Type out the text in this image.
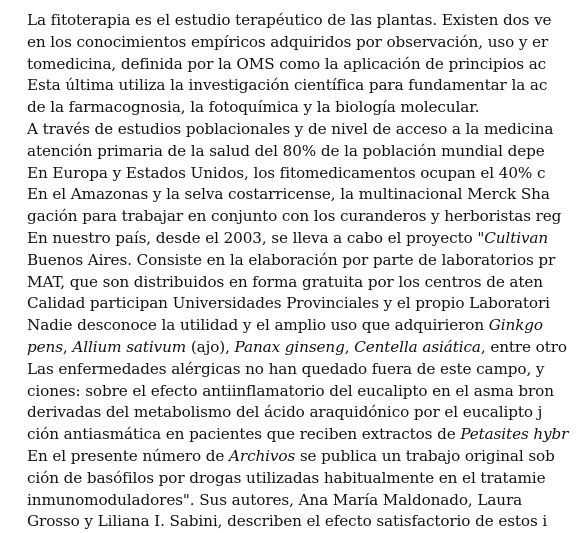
La fitoterapia es el estudio terapéutico de las plantas. Existen dos ve
en los conocimientos empíricos adquiridos por observación, uso y er
tomedicina, definida por la OMS como la aplicación de principios ac
Esta última utiliza la investigación científica para fundamentar la ac
de la farmacognosia, la fotoquímica y la biología molecular.
A través de estudios poblacionales y de nivel de acceso a la medicina
atención primaria de la salud del 80% de la población mundial depe
En Europa y Estados Unidos, los fitomedicamentos ocupan el 40% c
En el Amazonas y la selva costarricense, la multinacional Merck Sha
gación para trabajar en conjunto con los curanderos y herboristas reg
En nuestro país, desde el 2003, se lleva a cabo el proyecto "Cultivan
Buenos Aires. Consiste en la elaboración por parte de laboratorios pr
MAT, que son distribuidos en forma gratuita por los centros de aten
Calidad participan Universidades Provinciales y el propio Laboratori
Nadie desconoce la utilidad y el amplio uso que adquirieron Ginkgo
pens, Allium sativum (ajo), Panax ginseng, Centella asiática, entre otro
Las enfermedades alérgicas no han quedado fuera de este campo, y
ciones: sobre el efecto antiinflamatorio del eucalipto en el asma bron
derivadas del metabolismo del ácido araquidónico por el eucalipto j
ción antiasmática en pacientes que reciben extractos de Petasites hybr
En el presente número de Archivos se publica un trabajo original sob
ción de basófilos por drogas utilizadas habitualmente en el tratamie
inmunomoduladores". Sus autores, Ana María Maldonado, Laura
Grosso y Liliana I. Sabini, describen el efecto satisfactorio de estos i
